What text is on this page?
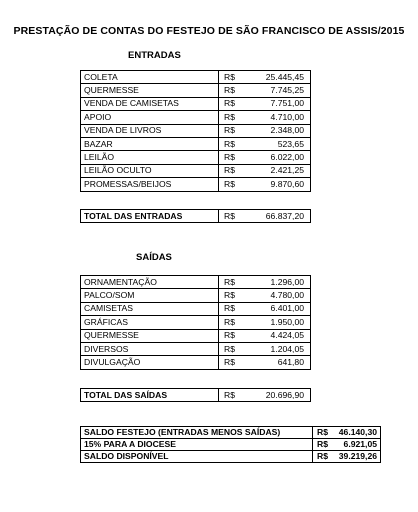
PRESTAÇÃO DE CONTAS DO FESTEJO DE SÃO FRANCISCO DE ASSIS/2015
ENTRADAS
COLETA	R$	25.445,45
QUERMESSE	R$	7.745,25
VENDA DE CAMISETAS	R$	7.751,00
APOIO	R$	4.710,00
VENDA DE LIVROS	R$	2.348,00
BAZAR	R$	523,65
LEILÃO	R$	6.022,00
LEILÃO OCULTO	R$	2.421,25
PROMESSAS/BEIJOS	R$	9.870,60
TOTAL DAS ENTRADAS	R$	66.837,20
SAÍDAS
ORNAMENTAÇÃO	R$	1.296,00
PALCO/SOM	R$	4.780,00
CAMISETAS	R$	6.401,00
GRÁFICAS	R$	1.950,00
QUERMESSE	R$	4.424,05
DIVERSOS	R$	1.204,05
DIVULGAÇÃO	R$	641,80
TOTAL DAS SAÍDAS	R$	20.696,90
SALDO FESTEJO (ENTRADAS MENOS SAÍDAS)	R$ 46.140,30

15% PARA A DIOCESE	R$ 6.921,05

SALDO DISPONÍVEL	R$ 39.219,26
